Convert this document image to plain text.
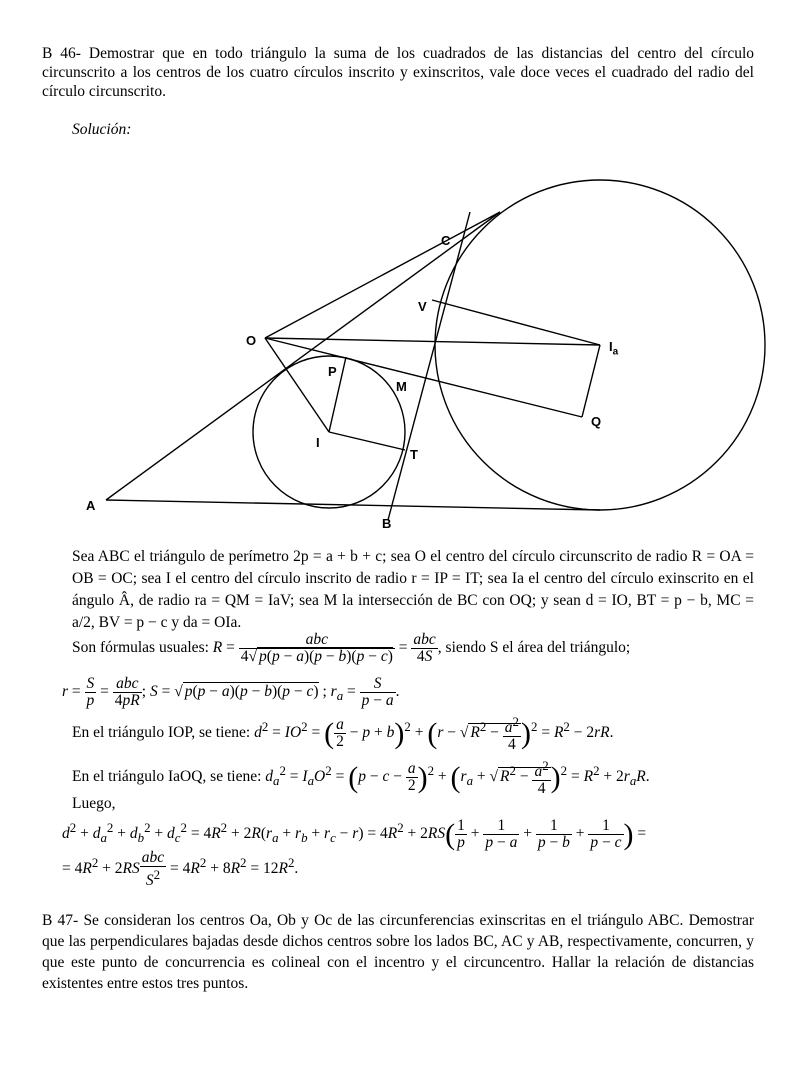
B 46- Demostrar que en todo triángulo la suma de los cuadrados de las distancias del centro del círculo circunscrito a los centros de los cuatro círculos inscrito y exinscritos, vale doce veces el cuadrado del radio del círculo circunscrito.
Solución:
A
B
C
O	$I_a$
P
M
I
T
V
Q
Sea ABC el triángulo de perímetro 2p = a + b + c; sea O el centro del círculo circunscrito de radio R = OA = OB = OC; sea I el centro del círculo inscrito de radio r = IP = IT; sea Ia el centro del círculo exinscrito en el ángulo Â, de radio ra = QM = IaV; sea M la intersección de BC con OQ; y sean d = IO, BT = p − b, MC = a/2, BV = p − c y da = OIa.
Son fórmulas usuales: R =	abc
4√ p(p − a)(p − b)(p − c)
= abc
4S
, siendo S el área del triángulo;
$r = \frac{S}{p}$ = abc
4pR
; S = √ p(p − a)(p − b)(p − c) ; $r_a = \frac{S}{p - a}$ .
En el triángulo IOP, se tiene: $d^2 = IO^2$ = ( $\frac{a}{2} - p + b)^2 + (r$ − √ $R^2 - \frac{a^2}{4} )^2 = R^2 - 2rR$.
En el triángulo IaOQ, se tiene: $d_a^2 = I_aO^2 = (p - c - \frac{a}{2} )^2 + (r_a$ + √ $R^2 - \frac{a^2}{4} )^2 = R^2 + 2r_aR$.
Luego,
$d^2 + d_a^2 + d_b^2 + d_c^2 = 4R^2 + 2R(r_a + r_b + r_c - r) = 4R^2 + 2RS( \frac{1}{p} + \frac{1}{p - a} + \frac{1}{p - b} + \frac{1}{p - c}$ ) =
= $4R^2 + 2RS$
abc
$S^2 = 4R^2 + 8R^2 = 12R^2$.
B 47- Se consideran los centros Oa, Ob y Oc de las circunferencias exinscritas en el triángulo ABC. Demostrar que las perpendiculares bajadas desde dichos centros sobre los lados BC, AC y AB, respectivamente, concurren, y que este punto de concurrencia es colineal con el incentro y el circuncentro. Hallar la relación de distancias existentes entre estos tres puntos.
